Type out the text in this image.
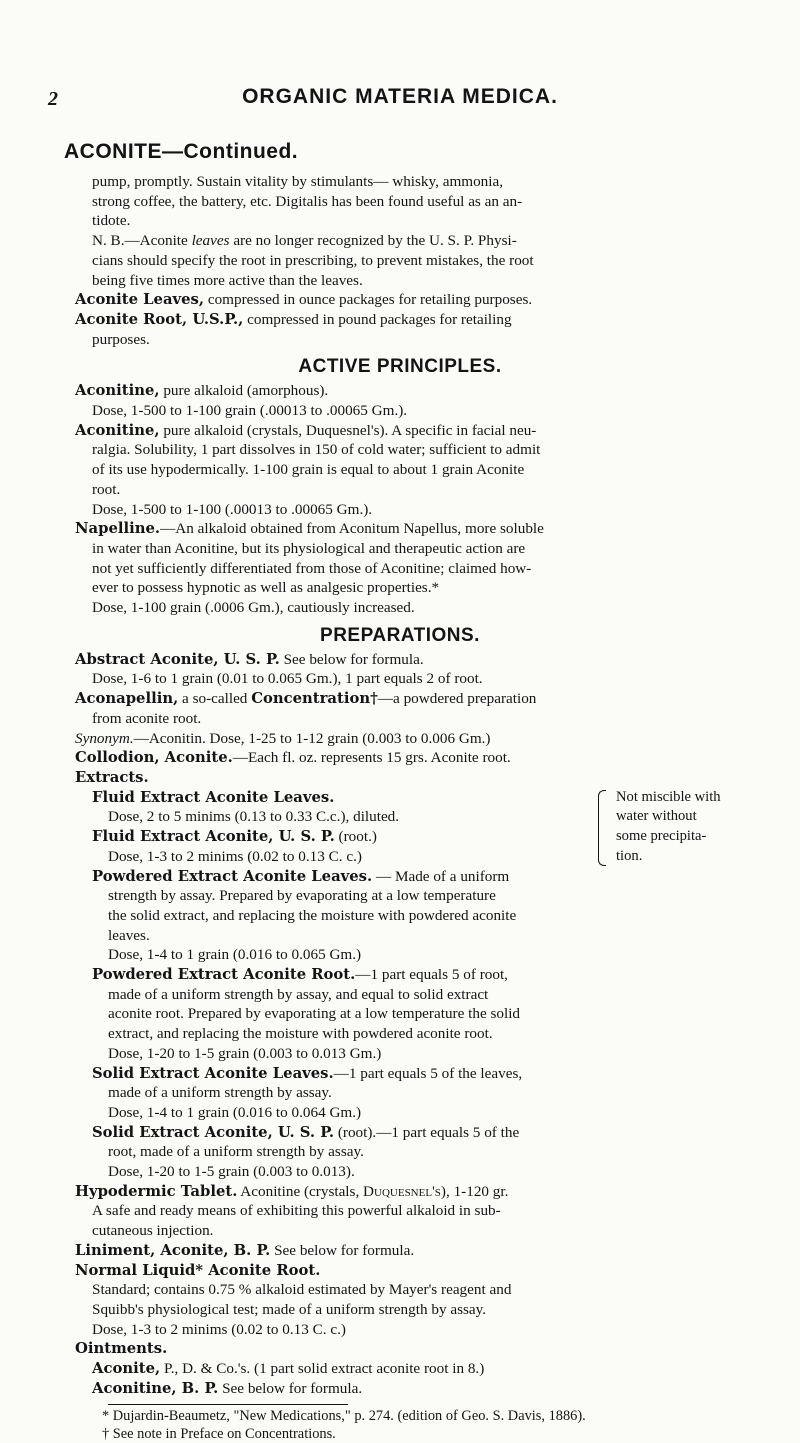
2	ORGANIC MATERIA MEDICA.
ACONITE—Continued.

pump, promptly. Sustain vitality by stimulants— whisky, ammonia,

strong coffee, the battery, etc. Digitalis has been found useful as an an-

tidote.

N. B.—Aconite leaves are no longer recognized by the U. S. P. Physi-

cians should specify the root in prescribing, to prevent mistakes, the root

being five times more active than the leaves.

Aconite Leaves, compressed in ounce packages for retailing purposes.

Aconite Root, U.S.P., compressed in pound packages for retailing

purposes.

ACTIVE PRINCIPLES.

Aconitine, pure alkaloid (amorphous).

Dose, 1-500 to 1-100 grain (.00013 to .00065 Gm.).

Aconitine, pure alkaloid (crystals, Duquesnel's). A specific in facial neu-

ralgia. Solubility, 1 part dissolves in 150 of cold water; sufficient to admit

of its use hypodermically. 1-100 grain is equal to about 1 grain Aconite

root.

Dose, 1-500 to 1-100 (.00013 to .00065 Gm.).

Napelline.—An alkaloid obtained from Aconitum Napellus, more soluble

in water than Aconitine, but its physiological and therapeutic action are

not yet sufficiently differentiated from those of Aconitine; claimed how-

ever to possess hypnotic as well as analgesic properties.*

Dose, 1-100 grain (.0006 Gm.), cautiously increased.

PREPARATIONS.

Abstract Aconite, U. S. P. See below for formula.

Dose, 1-6 to 1 grain (0.01 to 0.065 Gm.), 1 part equals 2 of root.

Aconapellin, a so-called Concentration†—a powdered preparation

from aconite root.

Synonym.—Aconitin. Dose, 1-25 to 1-12 grain (0.003 to 0.006 Gm.)

Collodion, Aconite.—Each fl. oz. represents 15 grs. Aconite root.

Extracts.

Fluid Extract Aconite Leaves.

Dose, 2 to 5 minims (0.13 to 0.33 C.c.), diluted.

Fluid Extract Aconite, U. S. P. (root.)

Dose, 1-3 to 2 minims (0.02 to 0.13 C. c.)

Not miscible with
water without
some precipita-
tion.

Powdered Extract Aconite Leaves. — Made of a uniform

strength by assay. Prepared by evaporating at a low temperature

the solid extract, and replacing the moisture with powdered aconite

leaves.

Dose, 1-4 to 1 grain (0.016 to 0.065 Gm.)

Powdered Extract Aconite Root.—1 part equals 5 of root,

made of a uniform strength by assay, and equal to solid extract

aconite root. Prepared by evaporating at a low temperature the solid

extract, and replacing the moisture with powdered aconite root.

Dose, 1-20 to 1-5 grain (0.003 to 0.013 Gm.)

Solid Extract Aconite Leaves.—1 part equals 5 of the leaves,

made of a uniform strength by assay.

Dose, 1-4 to 1 grain (0.016 to 0.064 Gm.)

Solid Extract Aconite, U. S. P. (root).—1 part equals 5 of the

root, made of a uniform strength by assay.

Dose, 1-20 to 1-5 grain (0.003 to 0.013).

Hypodermic Tablet. Aconitine (crystals, Duquesnel's), 1-120 gr.

A safe and ready means of exhibiting this powerful alkaloid in sub-

cutaneous injection.

Liniment, Aconite, B. P. See below for formula.

Normal Liquid* Aconite Root.

Standard; contains 0.75 % alkaloid estimated by Mayer's reagent and

Squibb's physiological test; made of a uniform strength by assay.

Dose, 1-3 to 2 minims (0.02 to 0.13 C. c.)

Ointments.

Aconite, P., D. & Co.'s. (1 part solid extract aconite root in 8.)

Aconitine, B. P. See below for formula.

* Dujardin-Beaumetz, "New Medications," p. 274. (edition of Geo. S. Davis, 1886).

† See note in Preface on Concentrations.
